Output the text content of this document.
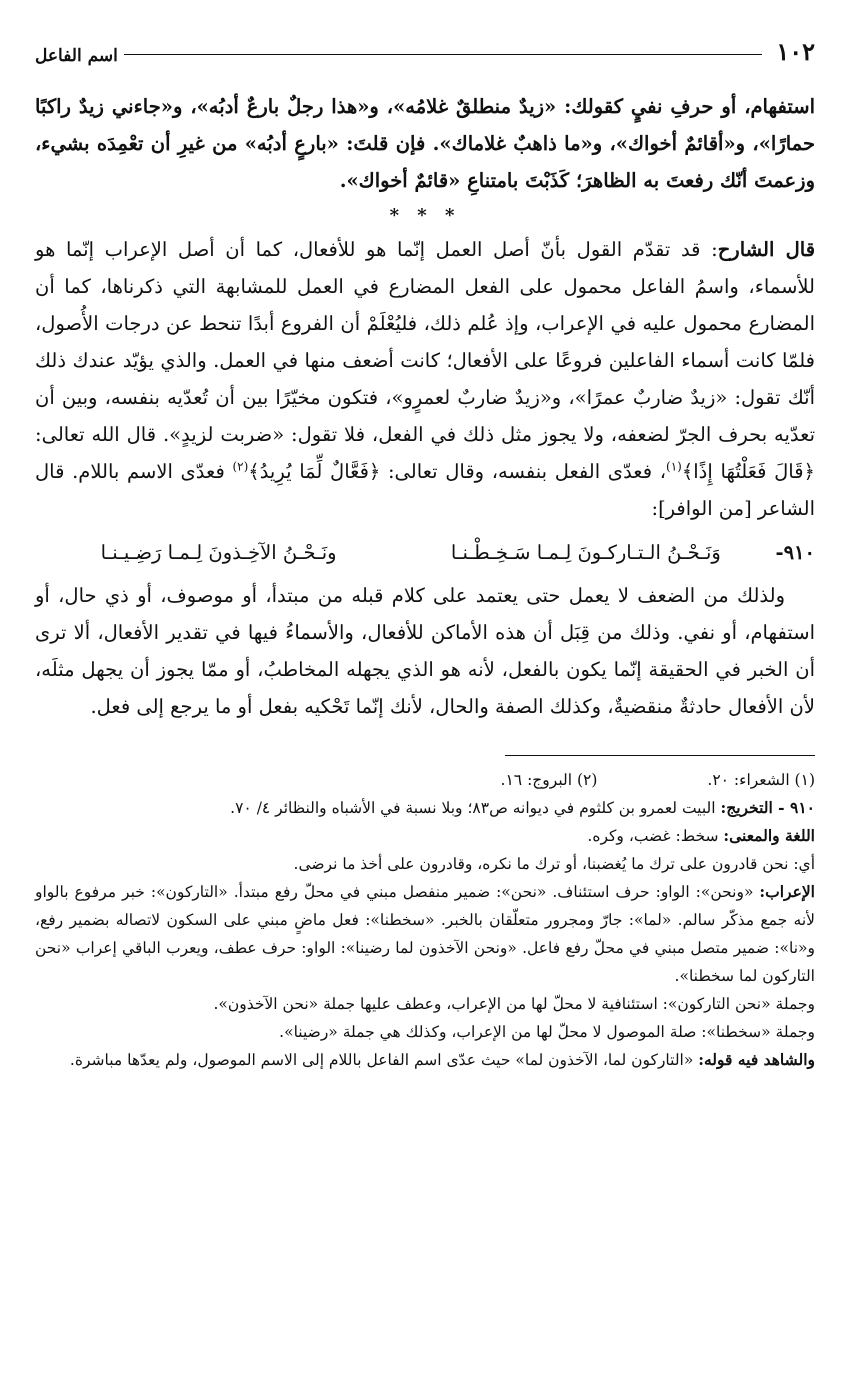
١٠٢
اسم الفاعل

استفهام، أو حرفِ نفيٍ كقولك: «زيدٌ منطلقٌ غلامُه»، و«هذا رجلٌ بارعٌ أدبُه»، و«جاءني زيدٌ راكبًا حمارًا»، و«أقائمٌ أخواك»، و«ما ذاهبٌ غلاماك». فإن قلتَ: «بارعٍ أدبُه» من غيرِ أن تعْمِدَه بشيء، وزعمتَ أنّك رفعتَ به الظاهرَ؛ كَذَبْتَ بامتناعِ «قائمٌ أخواك».

* * *

قال الشارح: قد تقدّم القول بأنّ أصل العمل إنّما هو للأفعال، كما أن أصل الإعراب إنّما هو للأسماء، واسمُ الفاعل محمول على الفعل المضارع في العمل للمشابهة التي ذكرناها، كما أن المضارع محمول عليه في الإعراب، وإذ عُلم ذلك، فليُعْلَمْ أن الفروع أبدًا تنحط عن درجات الأُصول، فلمّا كانت أسماء الفاعلين فروعًا على الأفعال؛ كانت أضعف منها في العمل. والذي يؤيّد عندك ذلك أنّك تقول: «زيدٌ ضاربٌ عمرًا»، و«زيدٌ ضاربٌ لعمرٍو»، فتكون مخيّرًا بين أن تُعدّيه بنفسه، وبين أن تعدّيه بحرف الجرّ لضعفه، ولا يجوز مثل ذلك في الفعل، فلا تقول: «ضربت لزيدٍ». قال الله تعالى: ﴿قَالَ فَعَلْتُهَا إِذًا﴾$^{(١)}$، فعدّى الفعل بنفسه، وقال تعالى: ﴿فَعَّالٌ لِّمَا يُرِيدُ﴾$^{(٢)}$ فعدّى الاسم باللام. قال الشاعر [من الوافر]:

٩١٠-
وَنَـحْـنُ الـتـاركـونَ لِـمـا سَـخِـطْـنـا
ونَـحْـنُ الآخِـذونَ لِـمـا رَضِـيـنـا

ولذلك من الضعف لا يعمل حتى يعتمد على كلام قبله من مبتدأ، أو موصوف، أو ذي حال، أو استفهام، أو نفي. وذلك من قِبَل أن هذه الأماكن للأفعال، والأسماءُ فيها في تقدير الأفعال، ألا ترى أن الخبر في الحقيقة إنّما يكون بالفعل، لأنه هو الذي يجهله المخاطبُ، أو ممّا يجوز أن يجهل مثلَه، لأن الأفعال حادثةٌ منقضيةٌ، وكذلك الصفة والحال، لأنك إنّما تَحْكيه بفعل أو ما يرجع إلى فعل.

(١) الشعراء: ٢٠.
(٢) البروج: ١٦.

٩١٠ - التخريج: البيت لعمرو بن كلثوم في ديوانه ص٨٣؛ وبلا نسبة في الأشباه والنظائر ٤/ ٧٠.

اللغة والمعنى: سخط: غضب، وكره.

أي: نحن قادرون على ترك ما يُغضبنا، أو ترك ما نكره، وقادرون على أخذ ما نرضى.

الإعراب: «ونحن»: الواو: حرف استئناف. «نحن»: ضمير منفصل مبني في محلّ رفع مبتدأ. «التاركون»: خبر مرفوع بالواو لأنه جمع مذكّر سالم. «لما»: جارّ ومجرور متعلّقان بالخبر. «سخطنا»: فعل ماضٍ مبني على السكون لاتصاله بضمير رفع، و«نا»: ضمير متصل مبني في محلّ رفع فاعل. «ونحن الآخذون لما رضينا»: الواو: حرف عطف، ويعرب الباقي إعراب «نحن التاركون لما سخطنا».

وجملة «نحن التاركون»: استئنافية لا محلّ لها من الإعراب، وعطف عليها جملة «نحن الآخذون».

وجملة «سخطنا»: صلة الموصول لا محلّ لها من الإعراب، وكذلك هي جملة «رضينا».

والشاهد فيه قوله: «التاركون لما، الآخذون لما» حيث عدّى اسم الفاعل باللام إلى الاسم الموصول، ولم يعدّها مباشرة.
